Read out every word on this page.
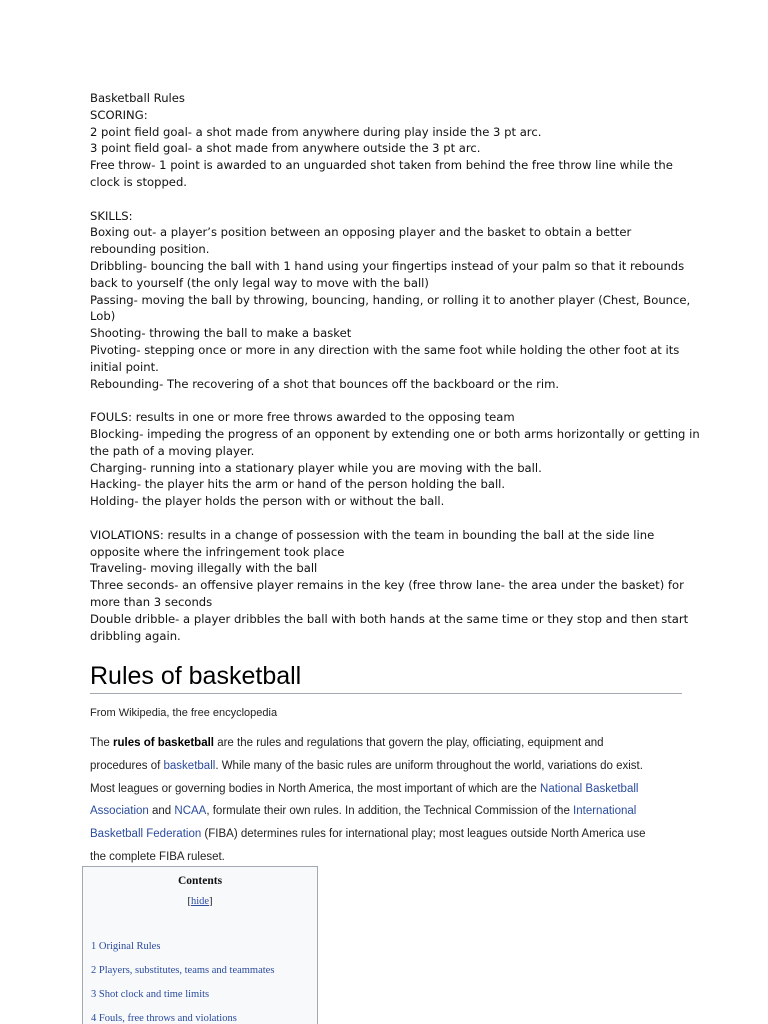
Basketball Rules
SCORING:
2 point field goal- a shot made from anywhere during play inside the 3 pt arc.
3 point field goal- a shot made from anywhere outside the 3 pt arc.
Free throw- 1 point is awarded to an unguarded shot taken from behind the free throw line while the
clock is stopped.
SKILLS:
Boxing out- a player’s position between an opposing player and the basket to obtain a better
rebounding position.
Dribbling- bouncing the ball with 1 hand using your fingertips instead of your palm so that it rebounds
back to yourself (the only legal way to move with the ball)
Passing- moving the ball by throwing, bouncing, handing, or rolling it to another player (Chest, Bounce,
Lob)
Shooting- throwing the ball to make a basket
Pivoting- stepping once or more in any direction with the same foot while holding the other foot at its
initial point.
Rebounding- The recovering of a shot that bounces off the backboard or the rim.
FOULS: results in one or more free throws awarded to the opposing team
Blocking- impeding the progress of an opponent by extending one or both arms horizontally or getting in
the path of a moving player.
Charging- running into a stationary player while you are moving with the ball.
Hacking- the player hits the arm or hand of the person holding the ball.
Holding- the player holds the person with or without the ball.
VIOLATIONS: results in a change of possession with the team in bounding the ball at the side line
opposite where the infringement took place
Traveling- moving illegally with the ball
Three seconds- an offensive player remains in the key (free throw lane- the area under the basket) for
more than 3 seconds
Double dribble- a player dribbles the ball with both hands at the same time or they stop and then start
dribbling again.
Rules of basketball
From Wikipedia, the free encyclopedia
The rules of basketball are the rules and regulations that govern the play, officiating, equipment and
procedures of basketball. While many of the basic rules are uniform throughout the world, variations do exist.
Most leagues or governing bodies in North America, the most important of which are the National Basketball
Association and NCAA, formulate their own rules. In addition, the Technical Commission of the International
Basketball Federation (FIBA) determines rules for international play; most leagues outside North America use
the complete FIBA ruleset.
Contents
[hide]
1 Original Rules
2 Players, substitutes, teams and teammates
3 Shot clock and time limits
4 Fouls, free throws and violations
